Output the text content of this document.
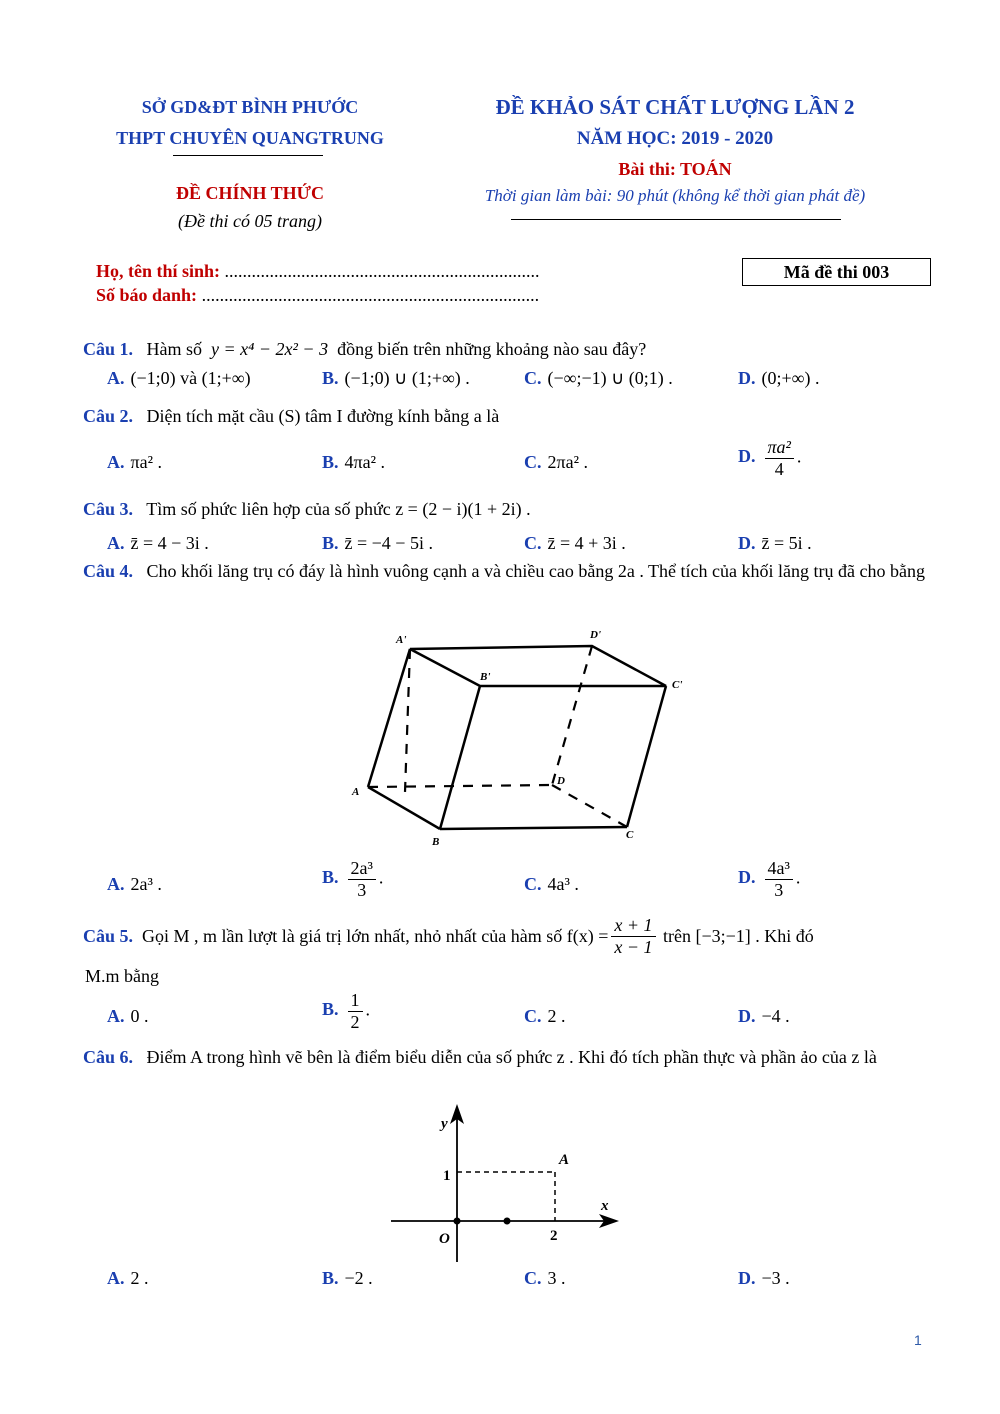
SỞ GD&ĐT BÌNH PHƯỚC
THPT CHUYÊN QUANGTRUNG
ĐỀ CHÍNH THỨC
(Đề thi có 05 trang)
ĐỀ KHẢO SÁT CHẤT LƯỢNG LẦN 2
NĂM HỌC: 2019 - 2020
Bài thi: TOÁN
Thời gian làm bài: 90 phút (không kể thời gian phát đề)
Họ, tên thí sinh: ......................................................................
Số báo danh: ...........................................................................
Mã đề thi 003
Câu 1. Hàm số y = x⁴ − 2x² − 3 đồng biến trên những khoảng nào sau đây?
A. (−1;0) và (1;+∞)	B. (−1;0) ∪ (1;+∞) .	C. (−∞;−1) ∪ (0;1) .	D. (0;+∞) .
Câu 2. Diện tích mặt cầu (S) tâm I đường kính bằng a là
A. πa² .	B. 4πa² .	C. 2πa² .	D. $\frac{\text{πa²}}{4}$ .
Câu 3. Tìm số phức liên hợp của số phức z = (2 − i)(1 + 2i) .
A. z̄ = 4 − 3i .	B. z̄ = −4 − 5i .	C. z̄ = 4 + 3i .	D. z̄ = 5i .
Câu 4. Cho khối lăng trụ có đáy là hình vuông cạnh a và chiều cao bằng 2a . Thể tích của khối lăng trụ đã cho bằng
A'
B'
C'
D'
A
B
C
D
A. 2a³ .	B. $\frac{\text{2a³}}{3}$ .	C. 4a³ .	D. $\frac{\text{4a³}}{3}$ .
Câu 5.
Gọi M , m lần lượt là giá trị lớn nhất, nhỏ nhất của hàm số $f(x) = \frac{x + 1}{x - 1}$
trên [−3;−1] . Khi đó
M.m bằng
A. 0 .	B. $\frac{1}{2}$ .	C. 2 .	D. −4 .
Câu 6. Điểm A trong hình vẽ bên là điểm biểu diễn của số phức z . Khi đó tích phần thực và phần ảo của z là
y
x
O
1
2
A
A. 2 .	B. −2 .	C. 3 .	D. −3 .
1
